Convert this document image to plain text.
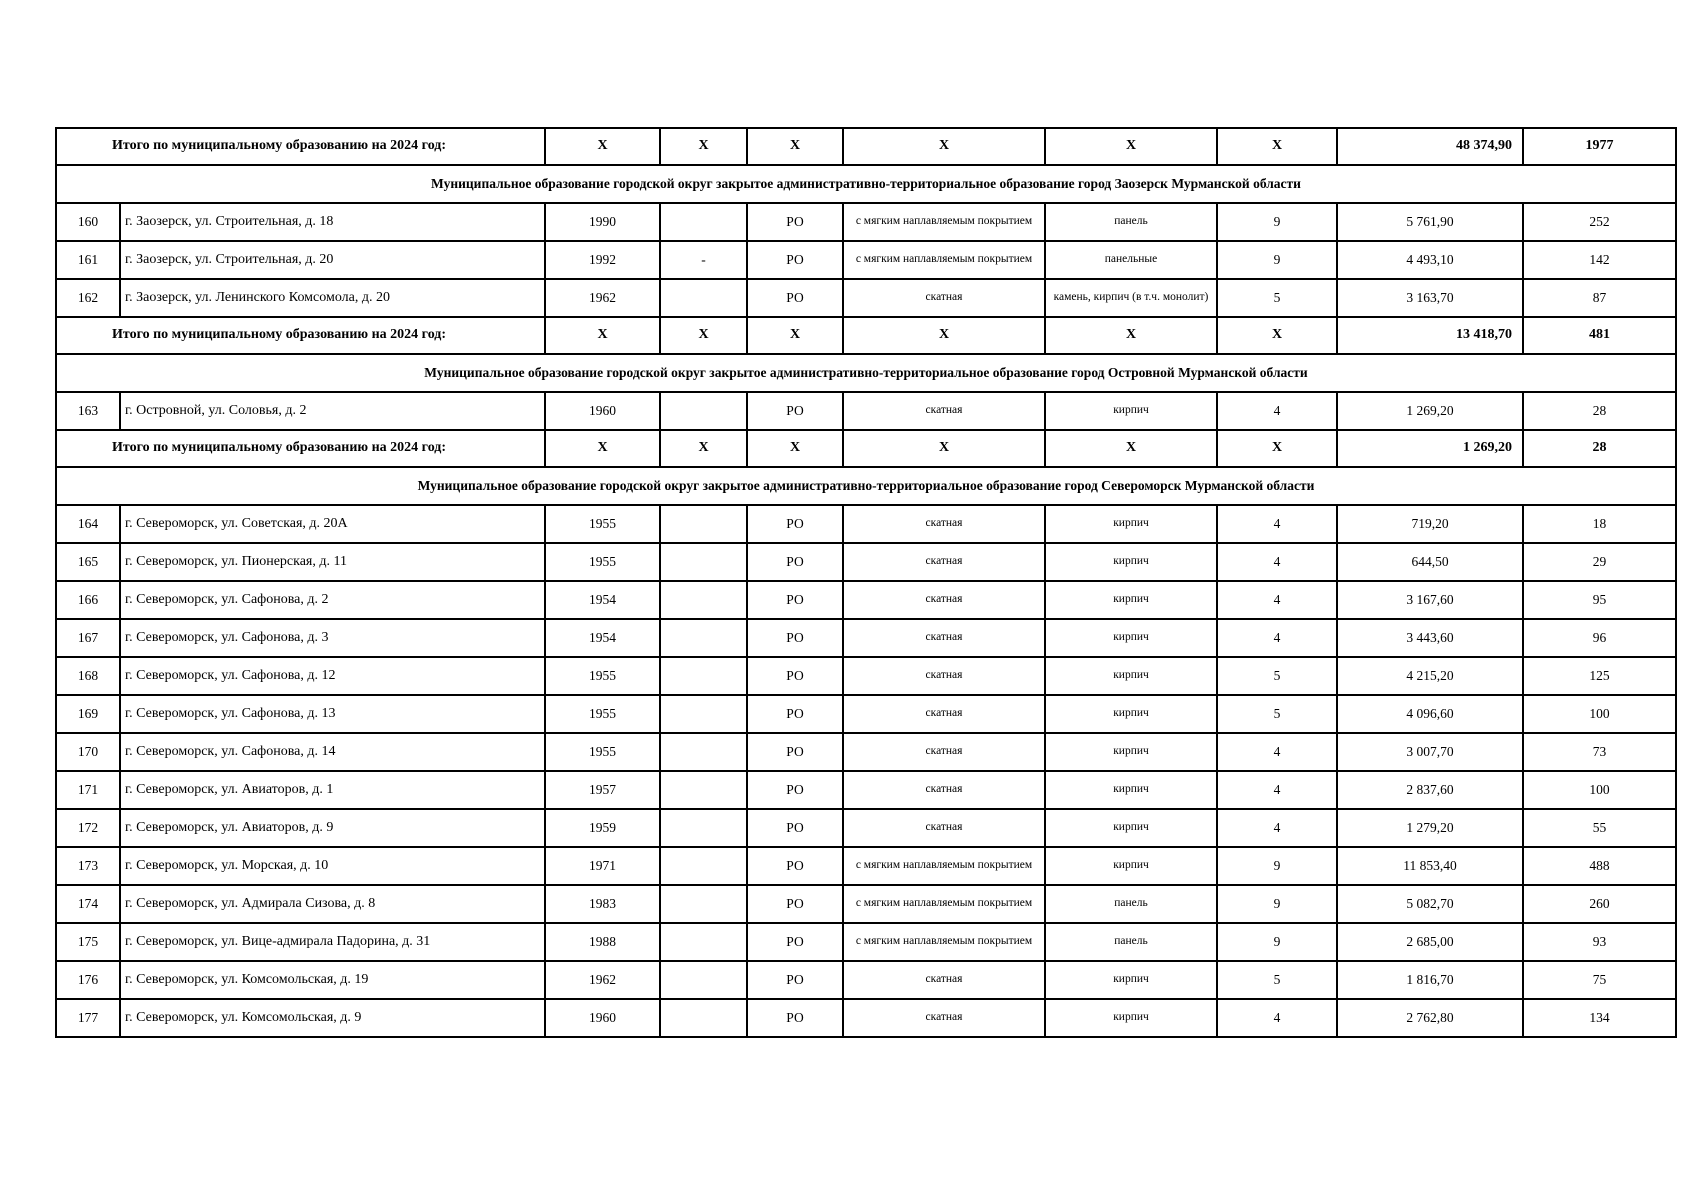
Итого по муниципальному образованию на 2024 год:		Х	Х	Х	Х	Х	Х	48 374,90	1977
Муниципальное образование городской округ закрытое административно-территориальное образование город Заозерск Мурманской области									
160	г. Заозерск, ул. Строительная, д. 18	1990		РО	с мягким наплавляемым покрытием	панель	9	5 761,90	252
161	г. Заозерск, ул. Строительная, д. 20	1992	-	РО	с мягким наплавляемым покрытием	панельные	9	4 493,10	142
162	г. Заозерск, ул. Ленинского Комсомола, д. 20	1962		РО	скатная	камень, кирпич (в т.ч. монолит)	5	3 163,70	87
Итого по муниципальному образованию на 2024 год:		Х	Х	Х	Х	Х	Х	13 418,70	481
Муниципальное образование городской округ закрытое административно-территориальное образование город Островной Мурманской области									
163	г. Островной, ул. Соловья, д. 2	1960		РО	скатная	кирпич	4	1 269,20	28
Итого по муниципальному образованию на 2024 год:		Х	Х	Х	Х	Х	Х	1 269,20	28
Муниципальное образование городской округ закрытое административно-территориальное образование город Североморск Мурманской области									
164	г. Североморск, ул. Советская, д. 20А	1955		РО	скатная	кирпич	4	719,20	18
165	г. Североморск, ул. Пионерская, д. 11	1955		РО	скатная	кирпич	4	644,50	29
166	г. Североморск, ул. Сафонова, д. 2	1954		РО	скатная	кирпич	4	3 167,60	95
167	г. Североморск, ул. Сафонова, д. 3	1954		РО	скатная	кирпич	4	3 443,60	96
168	г. Североморск, ул. Сафонова, д. 12	1955		РО	скатная	кирпич	5	4 215,20	125
169	г. Североморск, ул. Сафонова, д. 13	1955		РО	скатная	кирпич	5	4 096,60	100
170	г. Североморск, ул. Сафонова, д. 14	1955		РО	скатная	кирпич	4	3 007,70	73
171	г. Североморск, ул. Авиаторов, д. 1	1957		РО	скатная	кирпич	4	2 837,60	100
172	г. Североморск, ул. Авиаторов, д. 9	1959		РО	скатная	кирпич	4	1 279,20	55
173	г. Североморск, ул. Морская, д. 10	1971		РО	с мягким наплавляемым покрытием	кирпич	9	11 853,40	488
174	г. Североморск, ул. Адмирала Сизова, д. 8	1983		РО	с мягким наплавляемым покрытием	панель	9	5 082,70	260
175	г. Североморск, ул. Вице-адмирала Падорина, д. 31	1988		РО	с мягким наплавляемым покрытием	панель	9	2 685,00	93
176	г. Североморск, ул. Комсомольская, д. 19	1962		РО	скатная	кирпич	5	1 816,70	75
177	г. Североморск, ул. Комсомольская, д. 9	1960		РО	скатная	кирпич	4	2 762,80	134
